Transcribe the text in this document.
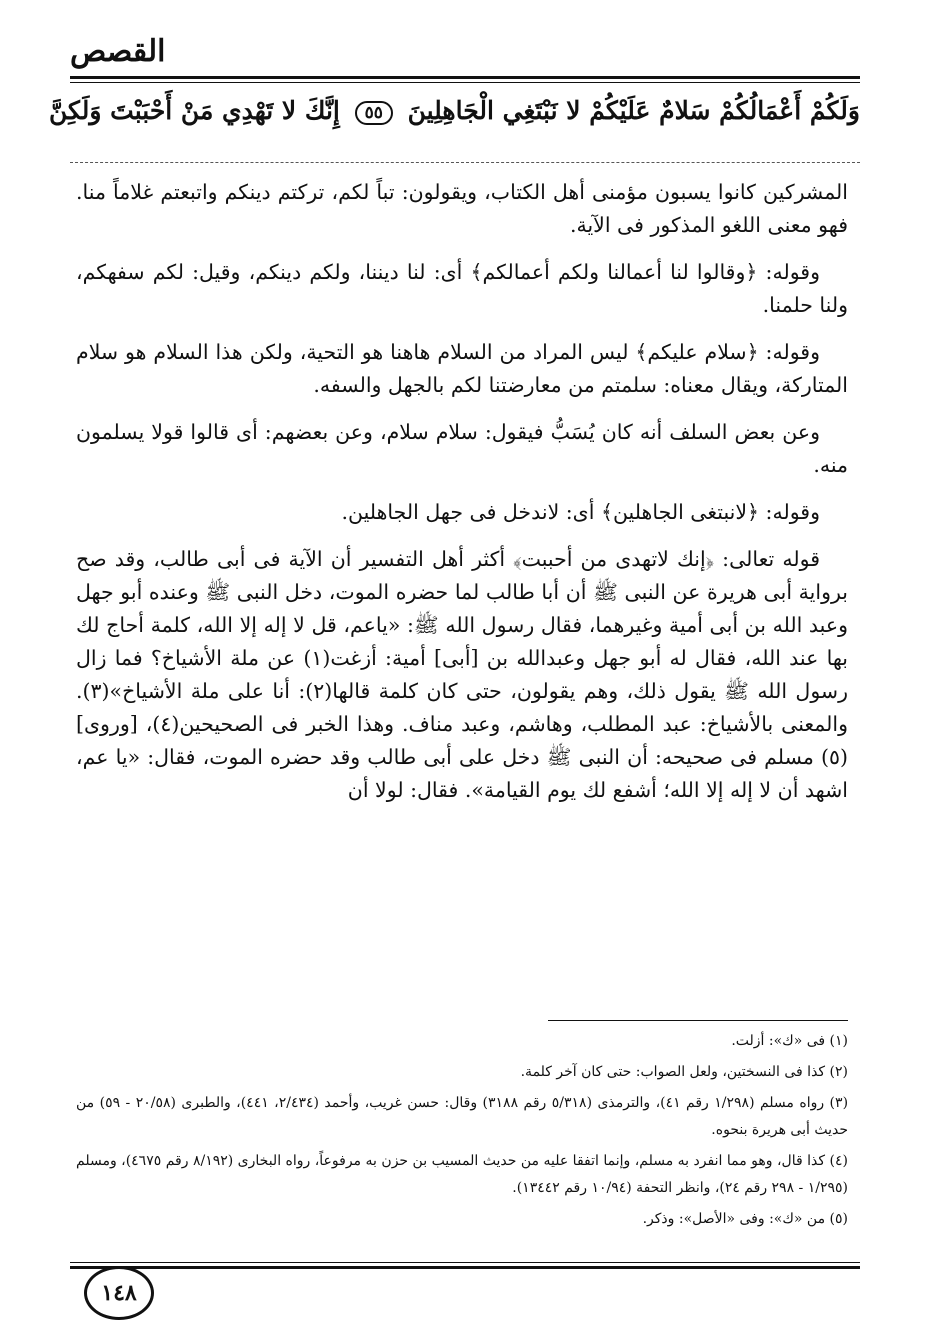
القصص
وَلَكُمْ أَعْمَالُكُمْ سَلامٌ عَلَيْكُمْ لا نَبْتَغِي الْجَاهِلِينَ ٥٥ إِنَّكَ لا تَهْدِي مَنْ أَحْبَبْتَ وَلَكِنَّ

المشركين كانوا يسبون مؤمنى أهل الكتاب، ويقولون: تباً لكم، تركتم دينكم واتبعتم غلاماً منا. فهو معنى اللغو المذكور فى الآية.

وقوله: ﴿وقالوا لنا أعمالنا ولكم أعمالكم﴾ أى: لنا ديننا، ولكم دينكم، وقيل: لكم سفهكم، ولنا حلمنا.

وقوله: ﴿سلام عليكم﴾ ليس المراد من السلام هاهنا هو التحية، ولكن هذا السلام هو سلام المتاركة، ويقال معناه: سلمتم من معارضتنا لكم بالجهل والسفه.

وعن بعض السلف أنه كان يُسَبُّ فيقول: سلام سلام، وعن بعضهم: أى قالوا قولا يسلمون منه.

وقوله: ﴿لانبتغى الجاهلين﴾ أى: لاندخل فى جهل الجاهلين.

قوله تعالى: ﴿إنك لاتهدى من أحببت﴾ أكثر أهل التفسير أن الآية فى أبى طالب، وقد صح برواية أبى هريرة عن النبى ﷺ أن أبا طالب لما حضره الموت، دخل النبى ﷺ وعنده أبو جهل وعبد الله بن أبى أمية وغيرهما، فقال رسول الله ﷺ: «ياعم، قل لا إله إلا الله، كلمة أحاج لك بها عند الله، فقال له أبو جهل وعبدالله بن [أبى] أمية: أزغت(١) عن ملة الأشياخ؟ فما زال رسول الله ﷺ يقول ذلك، وهم يقولون، حتى كان كلمة قالها(٢): أنا على ملة الأشياخ»(٣). والمعنى بالأشياخ: عبد المطلب، وهاشم، وعبد مناف. وهذا الخبر فى الصحيحين(٤)، [وروى](٥) مسلم فى صحيحه: أن النبى ﷺ دخل على أبى طالب وقد حضره الموت، فقال: «يا عم، اشهد أن لا إله إلا الله؛ أشفع لك يوم القيامة». فقال: لولا أن

(١) فى «ك»: أزلت.
(٢) كذا فى النسختين، ولعل الصواب: حتى كان آخر كلمة.
(٣) رواه مسلم (١/٢٩٨ رقم ٤١)، والترمذى (٥/٣١٨ رقم ٣١٨٨) وقال: حسن غريب، وأحمد (٢/٤٣٤، ٤٤١)، والطبرى (٢٠/٥٨ - ٥٩) من حديث أبى هريرة بنحوه.
(٤) كذا قال، وهو مما انفرد به مسلم، وإنما اتفقا عليه من حديث المسيب بن حزن به مرفوعاً، رواه البخارى (٨/١٩٢ رقم ٤٦٧٥)، ومسلم (١/٢٩٥ - ٢٩٨ رقم ٢٤)، وانظر التحفة (١٠/٩٤ رقم ١٣٤٤٢).
(٥) من «ك»: وفى «الأصل»: وذكر.
١٤٨
